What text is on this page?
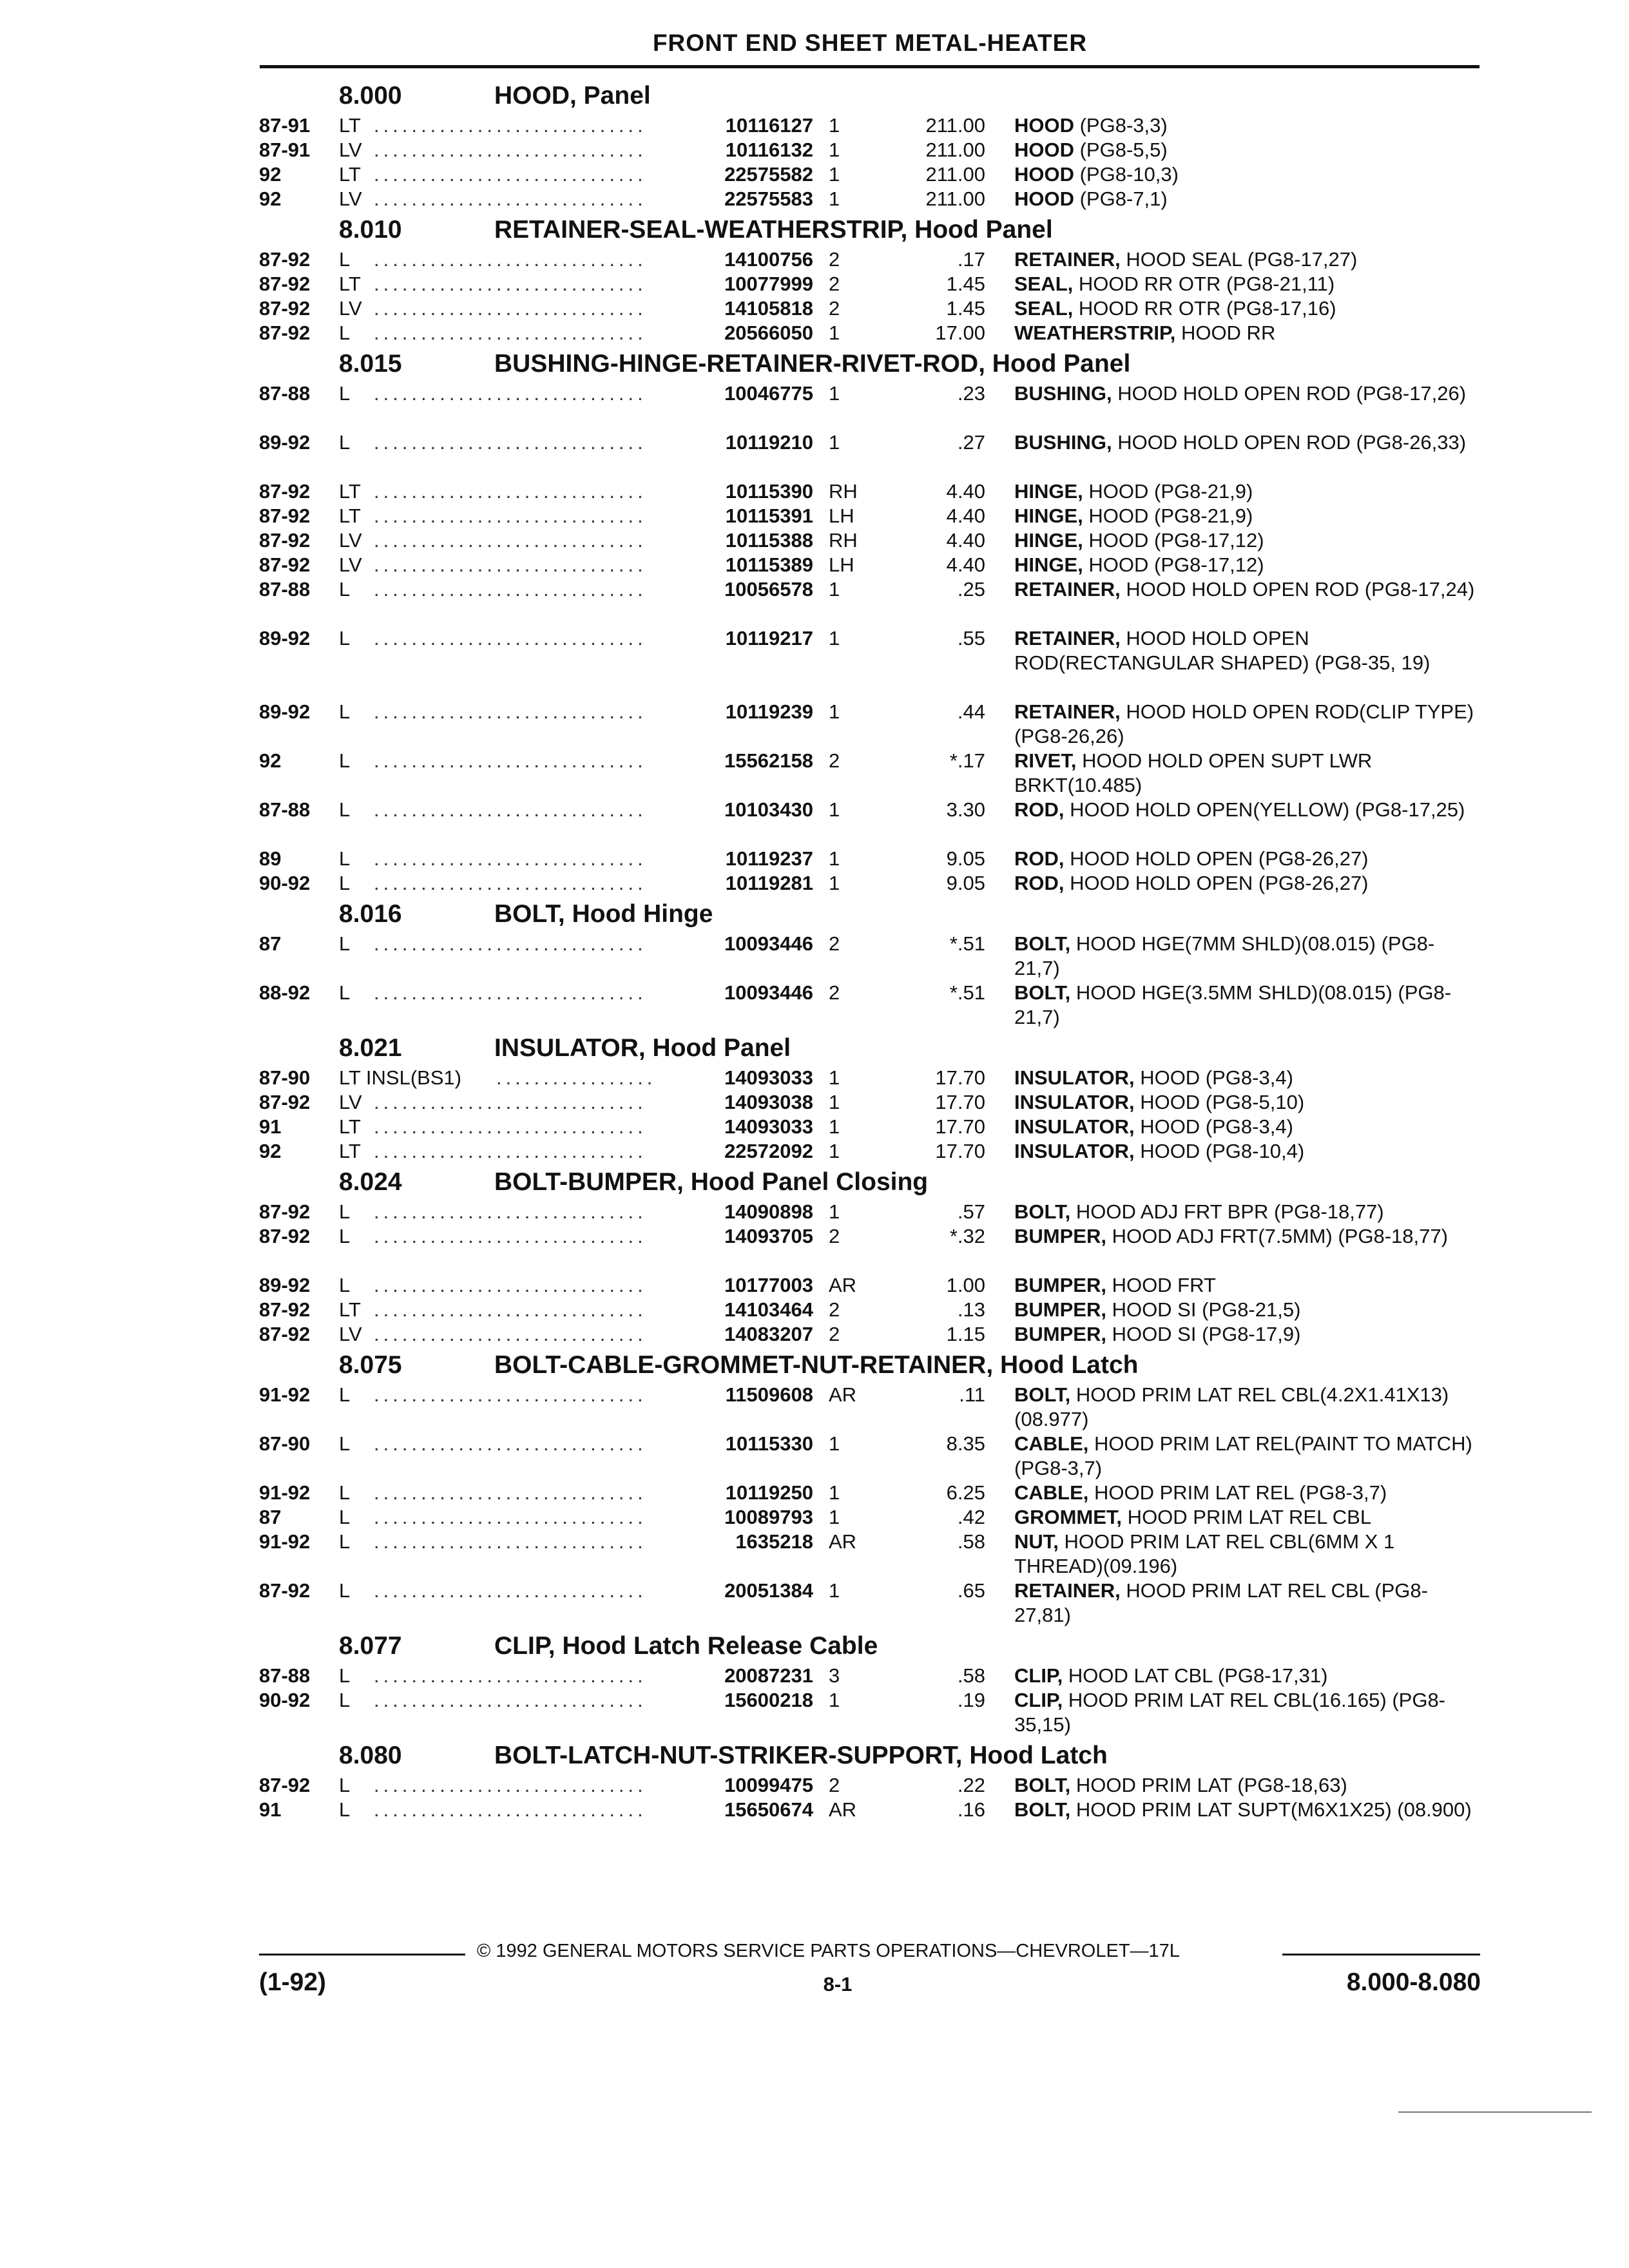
FRONT END SHEET METAL-HEATER
8.000	HOOD, Panel
87-91 LT .............................	10116127 1	211.00 HOOD (PG8-3,3)
87-91 LV .............................	10116132 1	211.00 HOOD (PG8-5,5)
92	LT .............................	22575582 1	211.00 HOOD (PG8-10,3)
92	LV .............................	22575583 1	211.00 HOOD (PG8-7,1)
8.010	RETAINER-SEAL-WEATHERSTRIP, Hood Panel
87-92 L .............................	14100756 2	.17 RETAINER, HOOD SEAL (PG8-17,27)
87-92 LT .............................	10077999 2	1.45 SEAL, HOOD RR OTR (PG8-21,11)
87-92 LV .............................	14105818 2	1.45 SEAL, HOOD RR OTR (PG8-17,16)
87-92 L .............................	20566050 1	17.00 WEATHERSTRIP, HOOD RR
8.015	BUSHING-HINGE-RETAINER-RIVET-ROD, Hood Panel
87-88 L .............................	10046775 1	.23 BUSHING, HOOD HOLD OPEN ROD (PG8-17,26)
89-92 L .............................	10119210 1	.27 BUSHING, HOOD HOLD OPEN ROD (PG8-26,33)
87-92 LT .............................	10115390 RH	4.40 HINGE, HOOD (PG8-21,9)
87-92 LT .............................	10115391 LH	4.40 HINGE, HOOD (PG8-21,9)
87-92 LV .............................	10115388 RH	4.40 HINGE, HOOD (PG8-17,12)
87-92 LV .............................	10115389 LH	4.40 HINGE, HOOD (PG8-17,12)
87-88 L .............................	10056578 1	.25 RETAINER, HOOD HOLD OPEN ROD (PG8-17,24)
89-92 L .............................	10119217 1	.55 RETAINER, HOOD HOLD OPEN ROD(RECTANGULAR SHAPED) (PG8-35, 19)
89-92 L .............................	10119239 1	.44 RETAINER, HOOD HOLD OPEN ROD(CLIP TYPE) (PG8-26,26)
92	L .............................	15562158 2	*.17 RIVET, HOOD HOLD OPEN SUPT LWR BRKT(10.485)
87-88 L .............................	10103430 1	3.30 ROD, HOOD HOLD OPEN(YELLOW) (PG8-17,25)
89	L .............................	10119237 1	9.05 ROD, HOOD HOLD OPEN (PG8-26,27)
90-92 L .............................	10119281 1	9.05 ROD, HOOD HOLD OPEN (PG8-26,27)
8.016	BOLT, Hood Hinge
87	L .............................	10093446 2	*.51 BOLT, HOOD HGE(7MM SHLD)(08.015) (PG8-21,7)
88-92 L .............................	10093446 2	*.51 BOLT, HOOD HGE(3.5MM SHLD)(08.015) (PG8-21,7)
8.021	INSULATOR, Hood Panel
87-90 LT INSL(BS1) .................	14093033 1	17.70 INSULATOR, HOOD (PG8-3,4)
87-92 LV .............................	14093038 1	17.70 INSULATOR, HOOD (PG8-5,10)
91	LT .............................	14093033 1	17.70 INSULATOR, HOOD (PG8-3,4)
92	LT .............................	22572092 1	17.70 INSULATOR, HOOD (PG8-10,4)
8.024	BOLT-BUMPER, Hood Panel Closing
87-92 L .............................	14090898 1	.57 BOLT, HOOD ADJ FRT BPR (PG8-18,77)
87-92 L .............................	14093705 2	*.32 BUMPER, HOOD ADJ FRT(7.5MM) (PG8-18,77)
89-92 L .............................	10177003 AR	1.00 BUMPER, HOOD FRT
87-92 LT .............................	14103464 2	.13 BUMPER, HOOD SI (PG8-21,5)
87-92 LV .............................	14083207 2	1.15 BUMPER, HOOD SI (PG8-17,9)
8.075	BOLT-CABLE-GROMMET-NUT-RETAINER, Hood Latch
91-92 L .............................	11509608 AR	.11 BOLT, HOOD PRIM LAT REL CBL(4.2X1.41X13)(08.977)
87-90 L .............................	10115330 1	8.35 CABLE, HOOD PRIM LAT REL(PAINT TO MATCH) (PG8-3,7)
91-92 L .............................	10119250 1	6.25 CABLE, HOOD PRIM LAT REL (PG8-3,7)
87	L .............................	10089793 1	.42 GROMMET, HOOD PRIM LAT REL CBL
91-92 L .............................	1635218 AR	.58 NUT, HOOD PRIM LAT REL CBL(6MM X 1 THREAD)(09.196)
87-92 L .............................	20051384 1	.65 RETAINER, HOOD PRIM LAT REL CBL (PG8-27,81)
8.077	CLIP, Hood Latch Release Cable
87-88 L .............................	20087231 3	.58 CLIP, HOOD LAT CBL (PG8-17,31)
90-92 L .............................	15600218 1	.19 CLIP, HOOD PRIM LAT REL CBL(16.165) (PG8-35,15)
8.080	BOLT-LATCH-NUT-STRIKER-SUPPORT, Hood Latch
87-92 L .............................	10099475 2	.22 BOLT, HOOD PRIM LAT (PG8-18,63)
91	L .............................	15650674 AR	.16 BOLT, HOOD PRIM LAT SUPT(M6X1X25) (08.900)
© 1992 GENERAL MOTORS SERVICE PARTS OPERATIONS—CHEVROLET—17L
(1-92)	8-1	8.000-8.080
